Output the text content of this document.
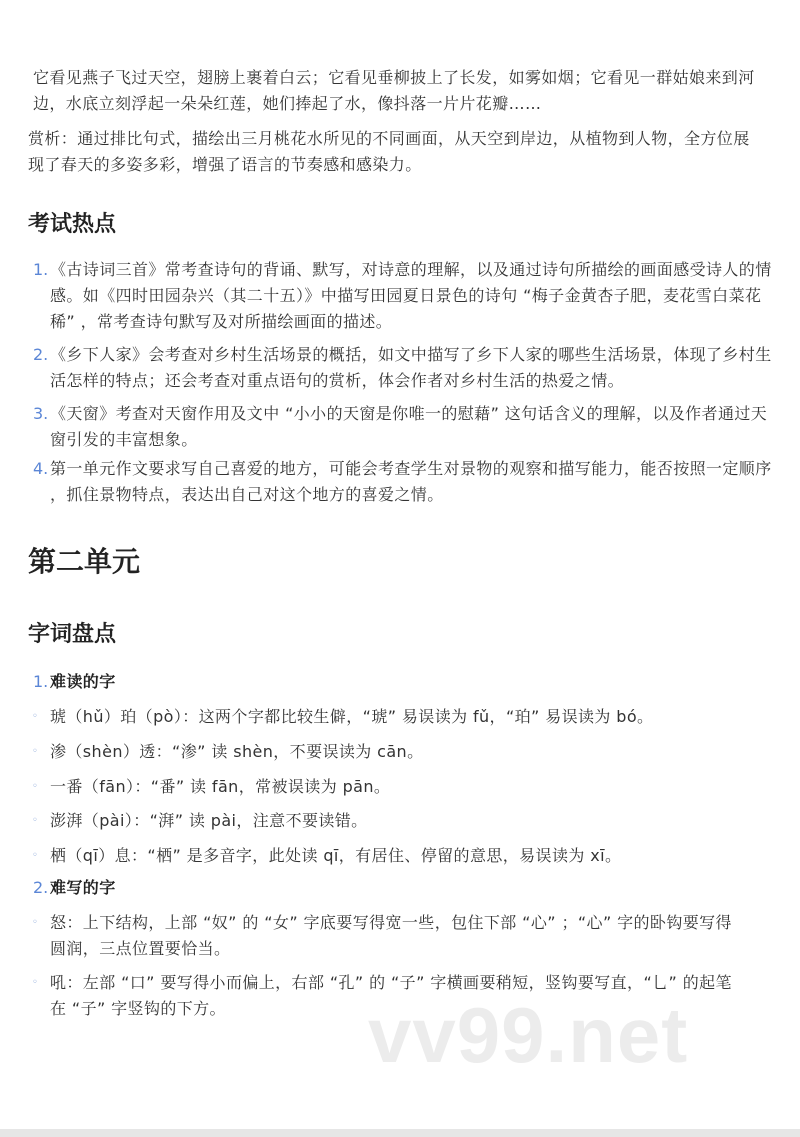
它看见燕子飞过天空，翅膀上裹着白云；它看见垂柳披上了长发，如雾如烟；它看见一群姑娘来到河
边，水底立刻浮起一朵朵红莲，她们捧起了水，像抖落一片片花瓣……
赏析：通过排比句式，描绘出三月桃花水所见的不同画面，从天空到岸边，从植物到人物，全方位展
现了春天的多姿多彩，增强了语言的节奏感和感染力。
考试热点
1. 《古诗词三首》常考查诗句的背诵、默写，对诗意的理解，以及通过诗句所描绘的画面感受诗人的情
感。如《四时田园杂兴（其二十五）》中描写田园夏日景色的诗句 “梅子金黄杏子肥，麦花雪白菜花
稀” ，常考查诗句默写及对所描绘画面的描述。
2. 《乡下人家》会考查对乡村生活场景的概括，如文中描写了乡下人家的哪些生活场景，体现了乡村生
活怎样的特点；还会考查对重点语句的赏析，体会作者对乡村生活的热爱之情。
3. 《天窗》考查对天窗作用及文中 “小小的天窗是你唯一的慰藉” 这句话含义的理解，以及作者通过天
窗引发的丰富想象。
4. 第一单元作文要求写自己喜爱的地方，可能会考查学生对景物的观察和描写能力，能否按照一定顺序
，抓住景物特点，表达出自己对这个地方的喜爱之情。
第二单元
字词盘点
1. 难读的字
◦ 琥（hǔ）珀（pò）：这两个字都比较生僻，“琥” 易误读为 fǔ，“珀” 易误读为 bó。
◦ 渗（shèn）透：“渗” 读 shèn，不要误读为 cān。
◦ 一番（fān）：“番” 读 fān，常被误读为 pān。
◦ 澎湃（pài）：“湃” 读 pài，注意不要读错。
◦ 栖（qī）息：“栖” 是多音字，此处读 qī，有居住、停留的意思，易误读为 xī。
2. 难写的字
◦ 怒：上下结构，上部 “奴” 的 “女” 字底要写得宽一些，包住下部 “心” ；“心” 字的卧钩要写得
圆润，三点位置要恰当。
◦ 吼：左部 “口” 要写得小而偏上，右部 “孔” 的 “子” 字横画要稍短，竖钩要写直，“乚” 的起笔
在 “子” 字竖钩的下方。	vv99.net
